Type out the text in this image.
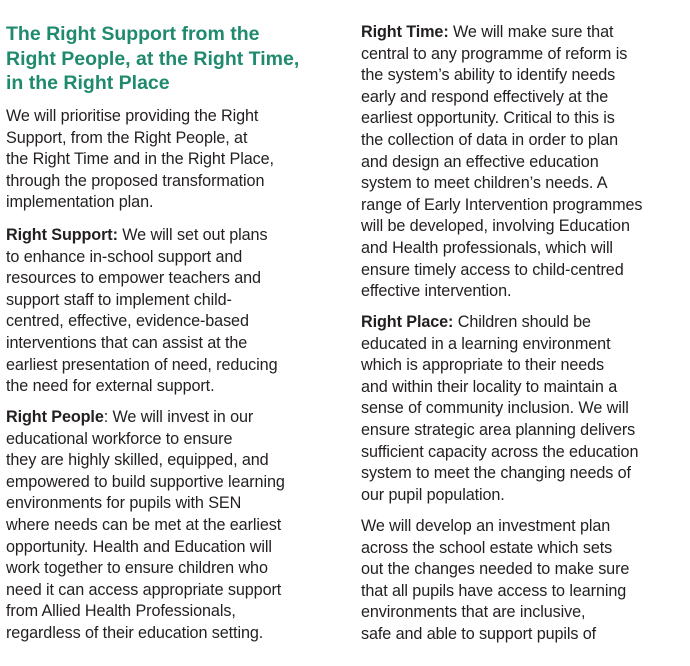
The Right Support from the
Right People, at the Right Time,
in the Right Place

We will prioritise providing the Right
Support, from the Right People, at
the Right Time and in the Right Place,
through the proposed transformation
implementation plan.

Right Support: We will set out plans
to enhance in-school support and
resources to empower teachers and
support staff to implement child-
centred, effective, evidence-based
interventions that can assist at the
earliest presentation of need, reducing
the need for external support.

Right People: We will invest in our
educational workforce to ensure
they are highly skilled, equipped, and
empowered to build supportive learning
environments for pupils with SEN
where needs can be met at the earliest
opportunity. Health and Education will
work together to ensure children who
need it can access appropriate support
from Allied Health Professionals,
regardless of their education setting.

Right Time: We will make sure that
central to any programme of reform is
the system’s ability to identify needs
early and respond effectively at the
earliest opportunity. Critical to this is
the collection of data in order to plan
and design an effective education
system to meet children’s needs. A
range of Early Intervention programmes
will be developed, involving Education
and Health professionals, which will
ensure timely access to child-centred
effective intervention.

Right Place: Children should be
educated in a learning environment
which is appropriate to their needs
and within their locality to maintain a
sense of community inclusion. We will
ensure strategic area planning delivers
sufficient capacity across the education
system to meet the changing needs of
our pupil population.

We will develop an investment plan
across the school estate which sets
out the changes needed to make sure
that all pupils have access to learning
environments that are inclusive,
safe and able to support pupils of
